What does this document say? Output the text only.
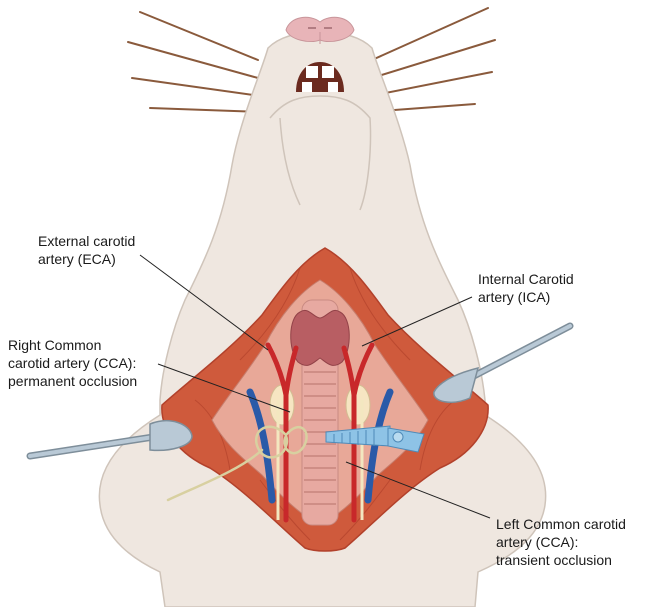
External carotid
artery (ECA)
Internal Carotid
artery (ICA)
Right Common
carotid artery (CCA):
permanent occlusion
Left Common carotid
artery (CCA):
transient occlusion
